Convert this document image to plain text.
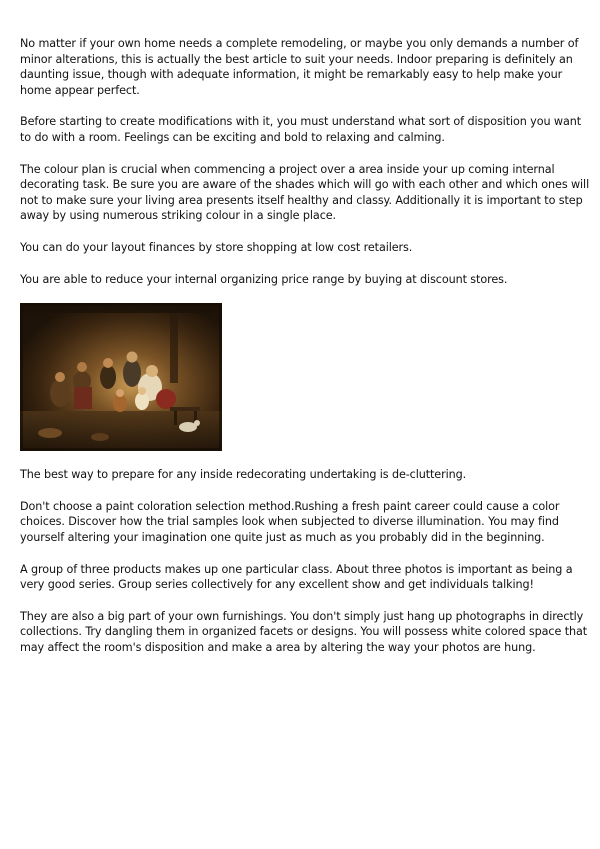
No matter if your own home needs a complete remodeling, or maybe you only demands a number of minor alterations, this is actually the best article to suit your needs. Indoor preparing is definitely an daunting issue, though with adequate information, it might be remarkably easy to help make your home appear perfect.

Before starting to create modifications with it, you must understand what sort of disposition you want to do with a room. Feelings can be exciting and bold to relaxing and calming.

The colour plan is crucial when commencing a project over a area inside your up coming internal decorating task. Be sure you are aware of the shades which will go with each other and which ones will not to make sure your living area presents itself healthy and classy. Additionally it is important to step away by using numerous striking colour in a single place.

You can do your layout finances by store shopping at low cost retailers.

You are able to reduce your internal organizing price range by buying at discount stores.

The best way to prepare for any inside redecorating undertaking is de-cluttering.

Don't choose a paint coloration selection method.Rushing a fresh paint career could cause a color choices. Discover how the trial samples look when subjected to diverse illumination. You may find yourself altering your imagination one quite just as much as you probably did in the beginning.

A group of three products makes up one particular class. About three photos is important as being a very good series. Group series collectively for any excellent show and get individuals talking!

They are also a big part of your own furnishings. You don't simply just hang up photographs in directly collections. Try dangling them in organized facets or designs. You will possess white colored space that may affect the room's disposition and make a area by altering the way your photos are hung.
